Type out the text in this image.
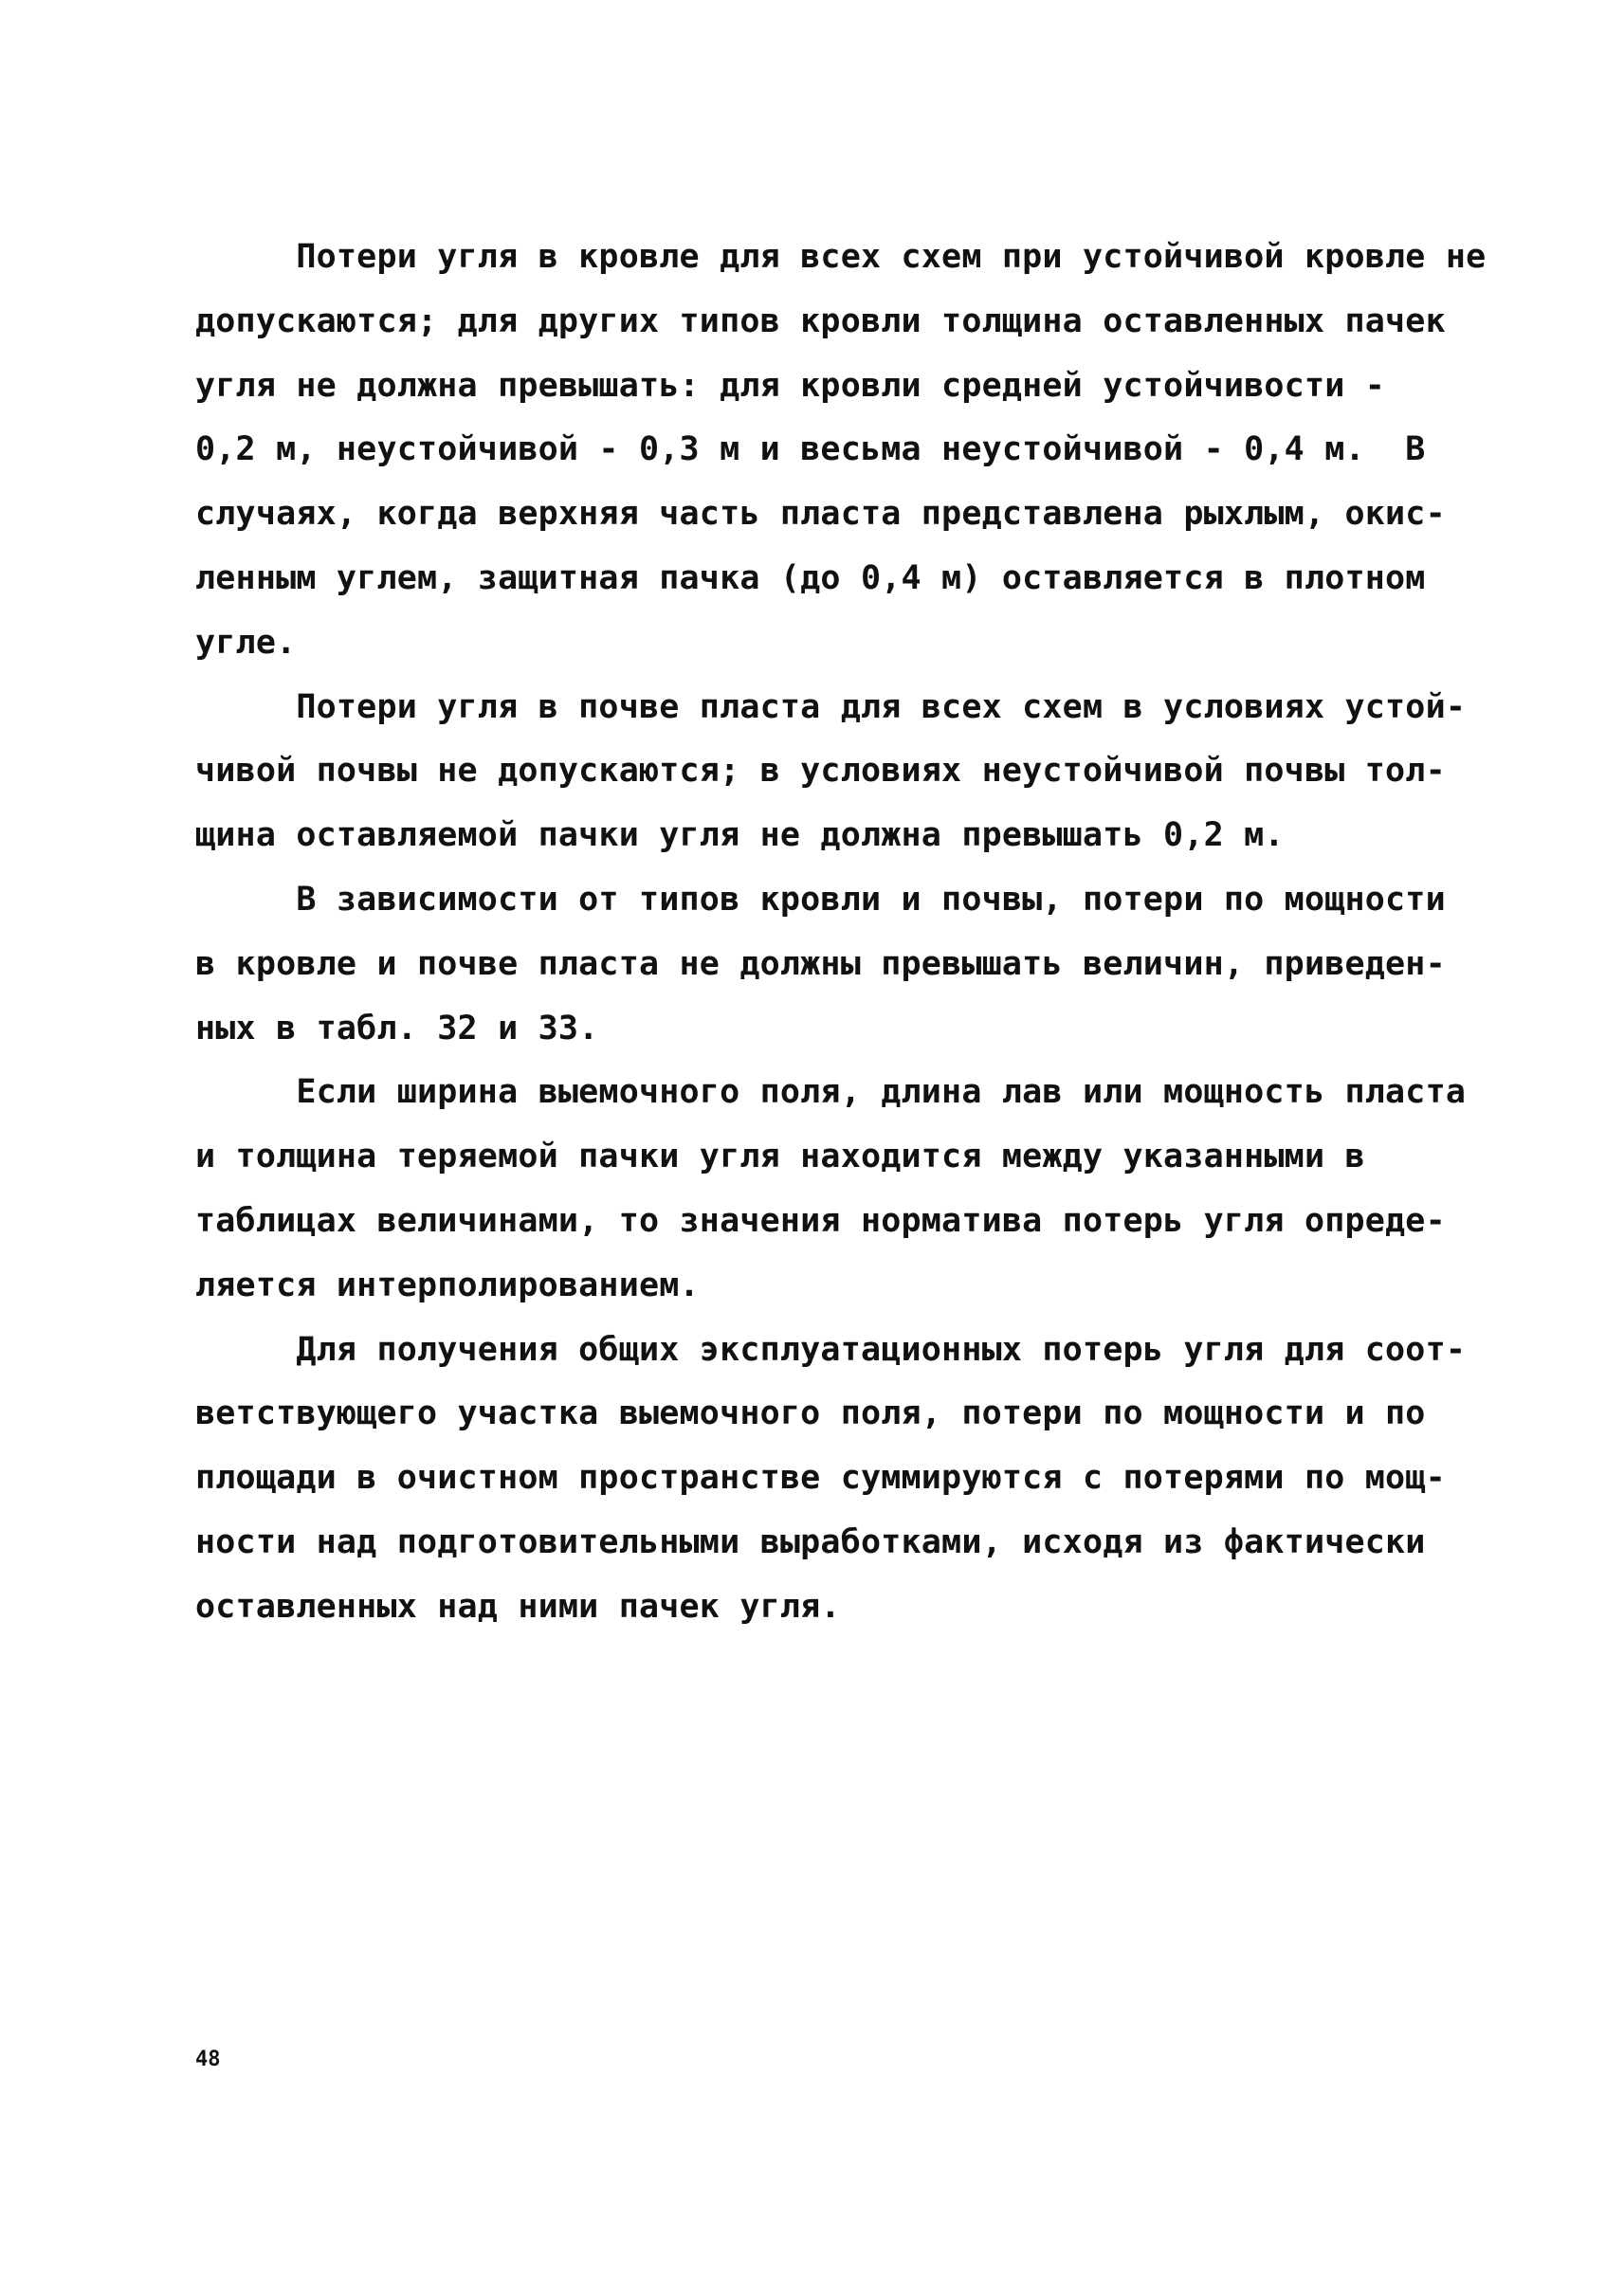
Потери угля в кровле для всех схем при устойчивой кровле не
допускаются; для других типов кровли толщина оставленных пачек
угля не должна превышать: для кровли средней устойчивости -
0,2 м, неустойчивой - 0,3 м и весьма неустойчивой - 0,4 м.  В
случаях, когда верхняя часть пласта представлена рыхлым, окис-
ленным углем, защитная пачка (до 0,4 м) оставляется в плотном
угле.
Потери угля в почве пласта для всех схем в условиях устой-
чивой почвы не допускаются; в условиях неустойчивой почвы тол-
щина оставляемой пачки угля не должна превышать 0,2 м.
В зависимости от типов кровли и почвы, потери по мощности
в кровле и почве пласта не должны превышать величин, приведен-
ных в табл. 32 и 33.
Если ширина выемочного поля, длина лав или мощность пласта
и толщина теряемой пачки угля находится между указанными в
таблицах величинами, то значения норматива потерь угля опреде-
ляется интерполированием.
Для получения общих эксплуатационных потерь угля для соот-
ветствующего участка выемочного поля, потери по мощности и по
площади в очистном пространстве суммируются с потерями по мощ-
ности над подготовительными выработками, исходя из фактически
оставленных над ними пачек угля.
48
